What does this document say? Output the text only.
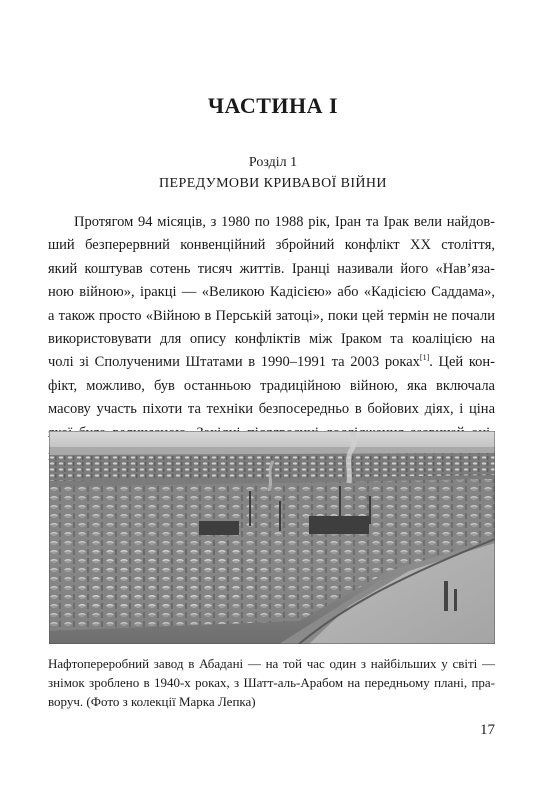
ЧАСТИНА І
Розділ 1
ПЕРЕДУМОВИ КРИВАВОЇ ВІЙНИ
Протягом 94 місяців, з 1980 по 1988 рік, Іран та Ірак вели найдов-
ший безперервний конвенційний збройний конфлікт ХХ століття,
який коштував сотень тисяч життів. Іранці називали його «Нав’яза-
ною війною», іракці — «Великою Кадісією» або «Кадісією Саддама»,
а також просто «Війною в Перській затоці», поки цей термін не почали
використовувати для опису конфліктів між Іраком та коаліцією на
чолі зі Сполученими Штатами в 1990–1991 та 2003 роках[1]. Цей кон-
фікт, можливо, був останньою традиційною війною, яка включала
масову участь піхоти та техніки безпосередньо в бойових діях, і ціна
Нафтопереробний завод в Абадані — на той час один з найбільших у світі —
знімок зроблено в 1940-х роках, з Шатт-аль-Арабом на передньому плані, пра-
воруч. (Фото з колекції Марка Лепка)
17
